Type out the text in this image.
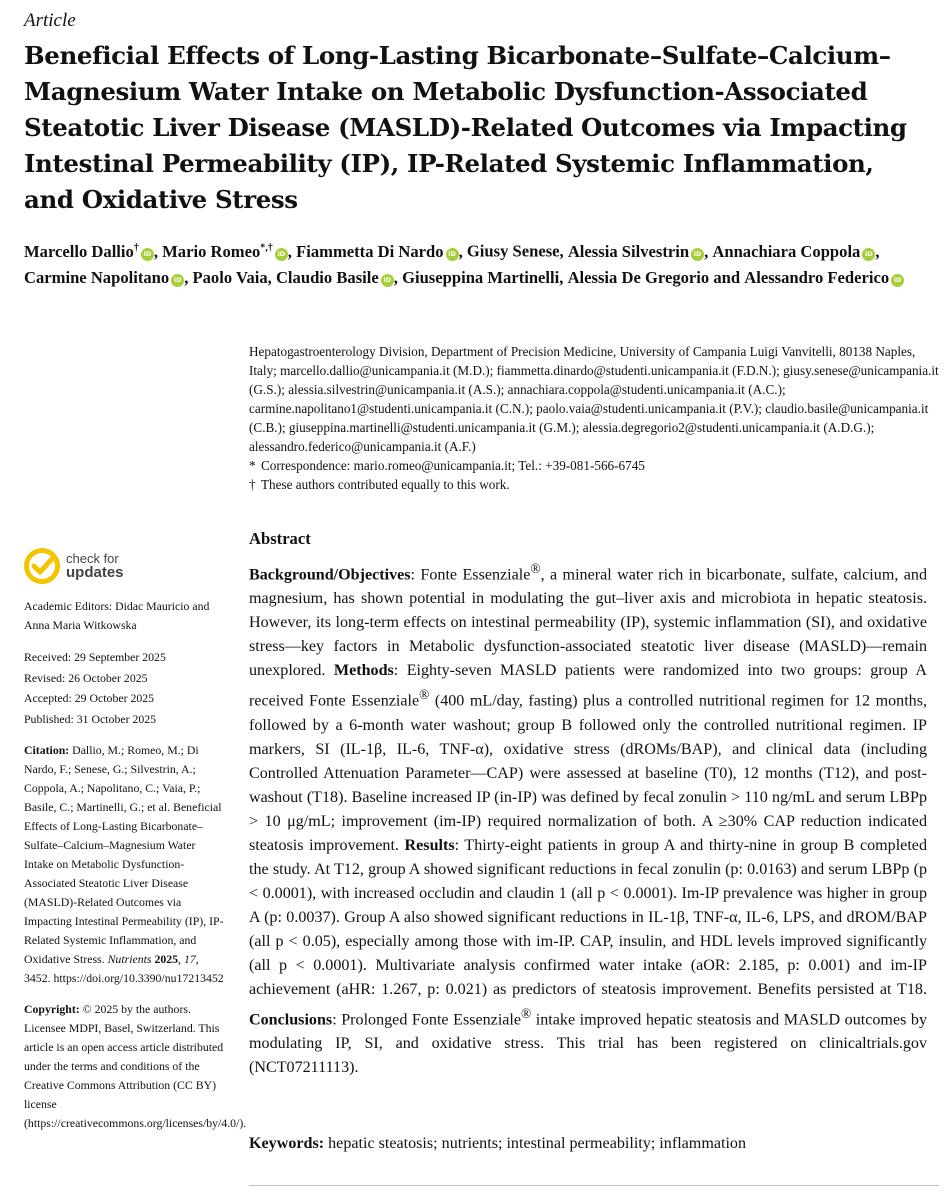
Article
Beneficial Effects of Long-Lasting Bicarbonate–Sulfate–Calcium–Magnesium Water Intake on Metabolic Dysfunction-Associated Steatotic Liver Disease (MASLD)-Related Outcomes via Impacting Intestinal Permeability (IP), IP-Related Systemic Inflammation, and Oxidative Stress
Marcello Dallio†iD , Mario Romeo*,†iD , Fiammetta Di Nardo iD , Giusy Senese, Alessia Silvestrin iD , Annachiara Coppola iD , Carmine Napolitano iD , Paolo Vaia, Claudio Basile iD , Giuseppina Martinelli, Alessia De Gregorio and Alessandro Federico iD

Hepatogastroenterology Division, Department of Precision Medicine, University of Campania Luigi Vanvitelli, 80138 Naples, Italy; marcello.dallio@unicampania.it (M.D.); fiammetta.dinardo@studenti.unicampania.it (F.D.N.); giusy.senese@unicampania.it (G.S.); alessia.silvestrin@unicampania.it (A.S.); annachiara.coppola@studenti.unicampania.it (A.C.); carmine.napolitano1@studenti.unicampania.it (C.N.); paolo.vaia@studenti.unicampania.it (P.V.); claudio.basile@unicampania.it (C.B.); giuseppina.martinelli@studenti.unicampania.it (G.M.); alessia.degregorio2@studenti.unicampania.it (A.D.G.); alessandro.federico@unicampania.it (A.F.)

* Correspondence: mario.romeo@unicampania.it; Tel.: +39-081-566-6745

† These authors contributed equally to this work.

check for
updates
Academic Editors: Didac Mauricio and Anna Maria Witkowska
Received: 29 September 2025
Revised: 26 October 2025
Accepted: 29 October 2025
Published: 31 October 2025
Citation: Dallio, M.; Romeo, M.; Di Nardo, F.; Senese, G.; Silvestrin, A.; Coppola, A.; Napolitano, C.; Vaia, P.; Basile, C.; Martinelli, G.; et al. Beneficial Effects of Long-Lasting Bicarbonate–Sulfate–Calcium–Magnesium Water Intake on Metabolic Dysfunction-Associated Steatotic Liver Disease (MASLD)-Related Outcomes via Impacting Intestinal Permeability (IP), IP-Related Systemic Inflammation, and Oxidative Stress. Nutrients 2025, 17, 3452. https://doi.org/10.3390/nu17213452
Copyright: © 2025 by the authors. Licensee MDPI, Basel, Switzerland. This article is an open access article distributed under the terms and conditions of the Creative Commons Attribution (CC BY) license (https://creativecommons.org/licenses/by/4.0/).
Abstract

Background/Objectives: Fonte Essenziale®, a mineral water rich in bicarbonate, sulfate, calcium, and magnesium, has shown potential in modulating the gut–liver axis and microbiota in hepatic steatosis. However, its long-term effects on intestinal permeability (IP), systemic inflammation (SI), and oxidative stress—key factors in Metabolic dysfunction-associated steatotic liver disease (MASLD)—remain unexplored. Methods: Eighty-seven MASLD patients were randomized into two groups: group A received Fonte Essenziale® (400 mL/day, fasting) plus a controlled nutritional regimen for 12 months, followed by a 6-month water washout; group B followed only the controlled nutritional regimen. IP markers, SI (IL-1β, IL-6, TNF-α), oxidative stress (dROMs/BAP), and clinical data (including Controlled Attenuation Parameter—CAP) were assessed at baseline (T0), 12 months (T12), and post-washout (T18). Baseline increased IP (in-IP) was defined by fecal zonulin > 110 ng/mL and serum LBPp > 10 μg/mL; improvement (im-IP) required normalization of both. A ≥30% CAP reduction indicated steatosis improvement. Results: Thirty-eight patients in group A and thirty-nine in group B completed the study. At T12, group A showed significant reductions in fecal zonulin (p: 0.0163) and serum LBPp (p < 0.0001), with increased occludin and claudin 1 (all p < 0.0001). Im-IP prevalence was higher in group A (p: 0.0037). Group A also showed significant reductions in IL-1β, TNF-α, IL-6, LPS, and dROM/BAP (all p < 0.05), especially among those with im-IP. CAP, insulin, and HDL levels improved significantly (all p < 0.0001). Multivariate analysis confirmed water intake (aOR: 2.185, p: 0.001) and im-IP achievement (aHR: 1.267, p: 0.021) as predictors of steatosis improvement. Benefits persisted at T18. Conclusions: Prolonged Fonte Essenziale® intake improved hepatic steatosis and MASLD outcomes by modulating IP, SI, and oxidative stress. This trial has been registered on clinicaltrials.gov (NCT07211113).

Keywords: hepatic steatosis; nutrients; intestinal permeability; inflammation
